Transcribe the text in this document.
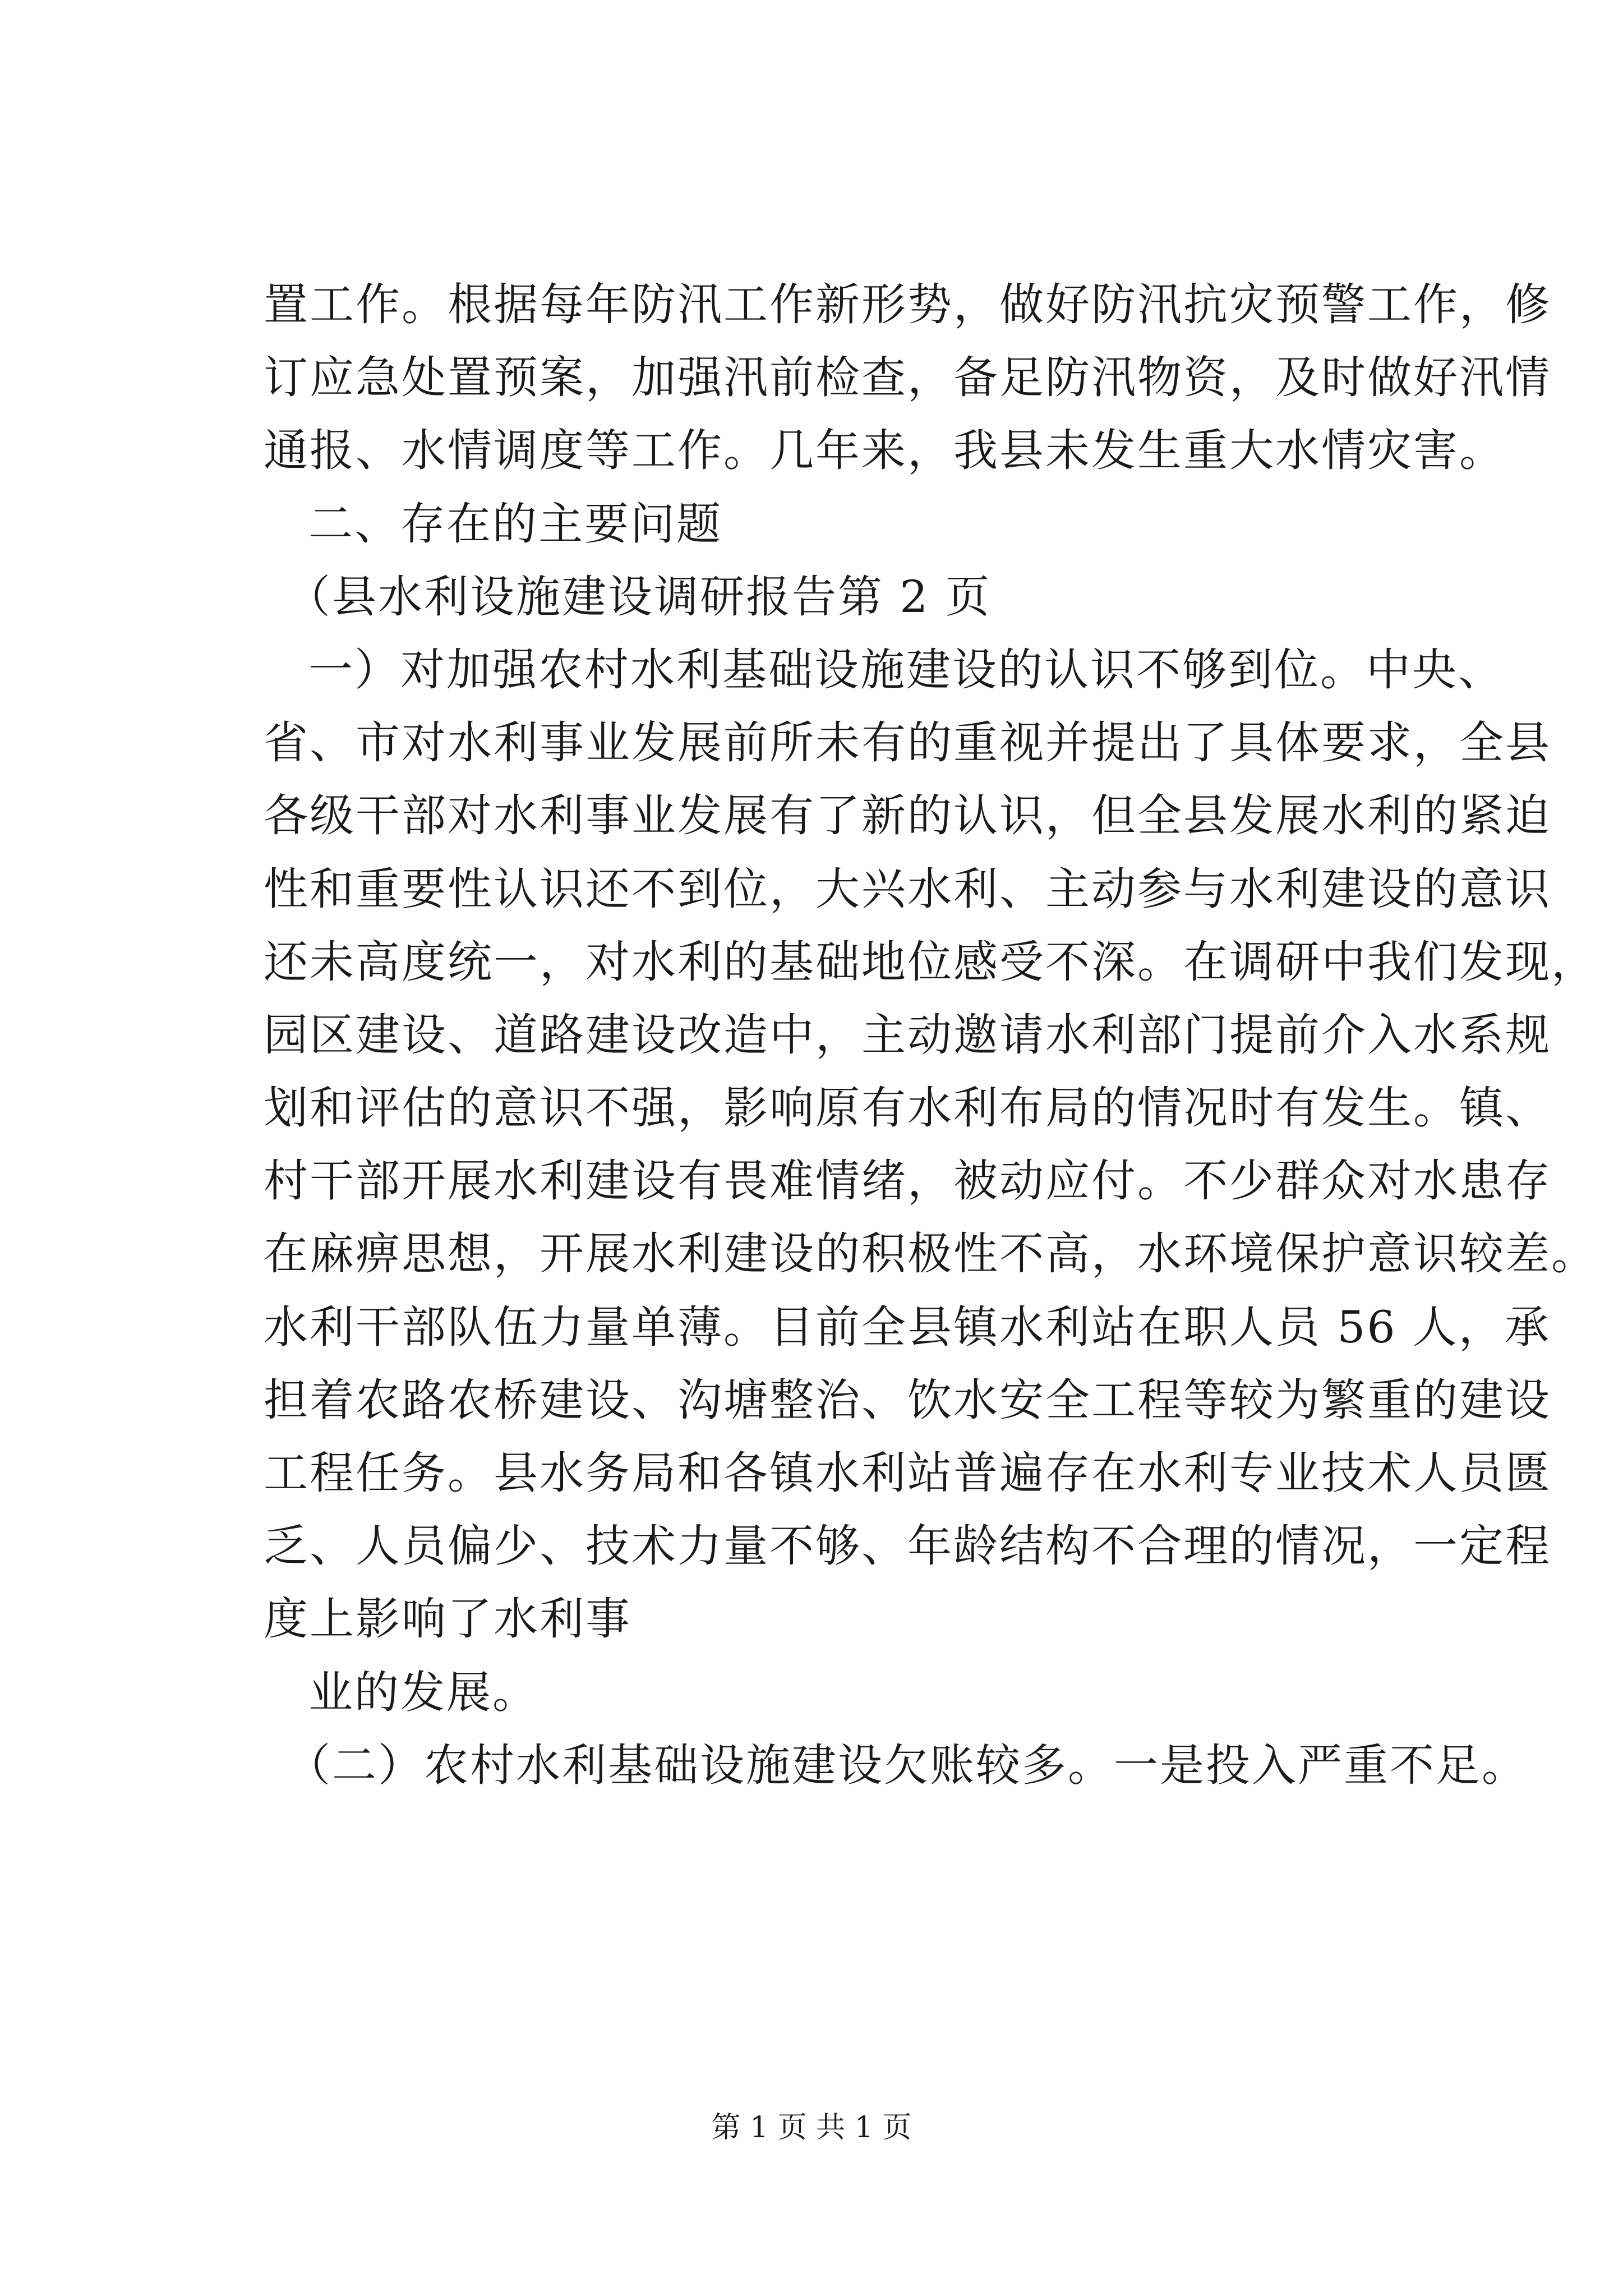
置工作。根据每年防汛工作新形势，做好防汛抗灾预警工作，修
订应急处置预案，加强汛前检查，备足防汛物资，及时做好汛情
通报、水情调度等工作。几年来，我县未发生重大水情灾害。
二、存在的主要问题
（县水利设施建设调研报告第 2 页
一）对加强农村水利基础设施建设的认识不够到位。中央、
省、市对水利事业发展前所未有的重视并提出了具体要求，全县
各级干部对水利事业发展有了新的认识，但全县发展水利的紧迫
性和重要性认识还不到位，大兴水利、主动参与水利建设的意识
还未高度统一，对水利的基础地位感受不深。在调研中我们发现，
园区建设、道路建设改造中，主动邀请水利部门提前介入水系规
划和评估的意识不强，影响原有水利布局的情况时有发生。镇、
村干部开展水利建设有畏难情绪，被动应付。不少群众对水患存
在麻痹思想，开展水利建设的积极性不高，水环境保护意识较差。
水利干部队伍力量单薄。目前全县镇水利站在职人员 56 人，承
担着农路农桥建设、沟塘整治、饮水安全工程等较为繁重的建设
工程任务。县水务局和各镇水利站普遍存在水利专业技术人员匮
乏、人员偏少、技术力量不够、年龄结构不合理的情况，一定程
度上影响了水利事
业的发展。
（二）农村水利基础设施建设欠账较多。一是投入严重不足。
第 1 页 共 1 页
